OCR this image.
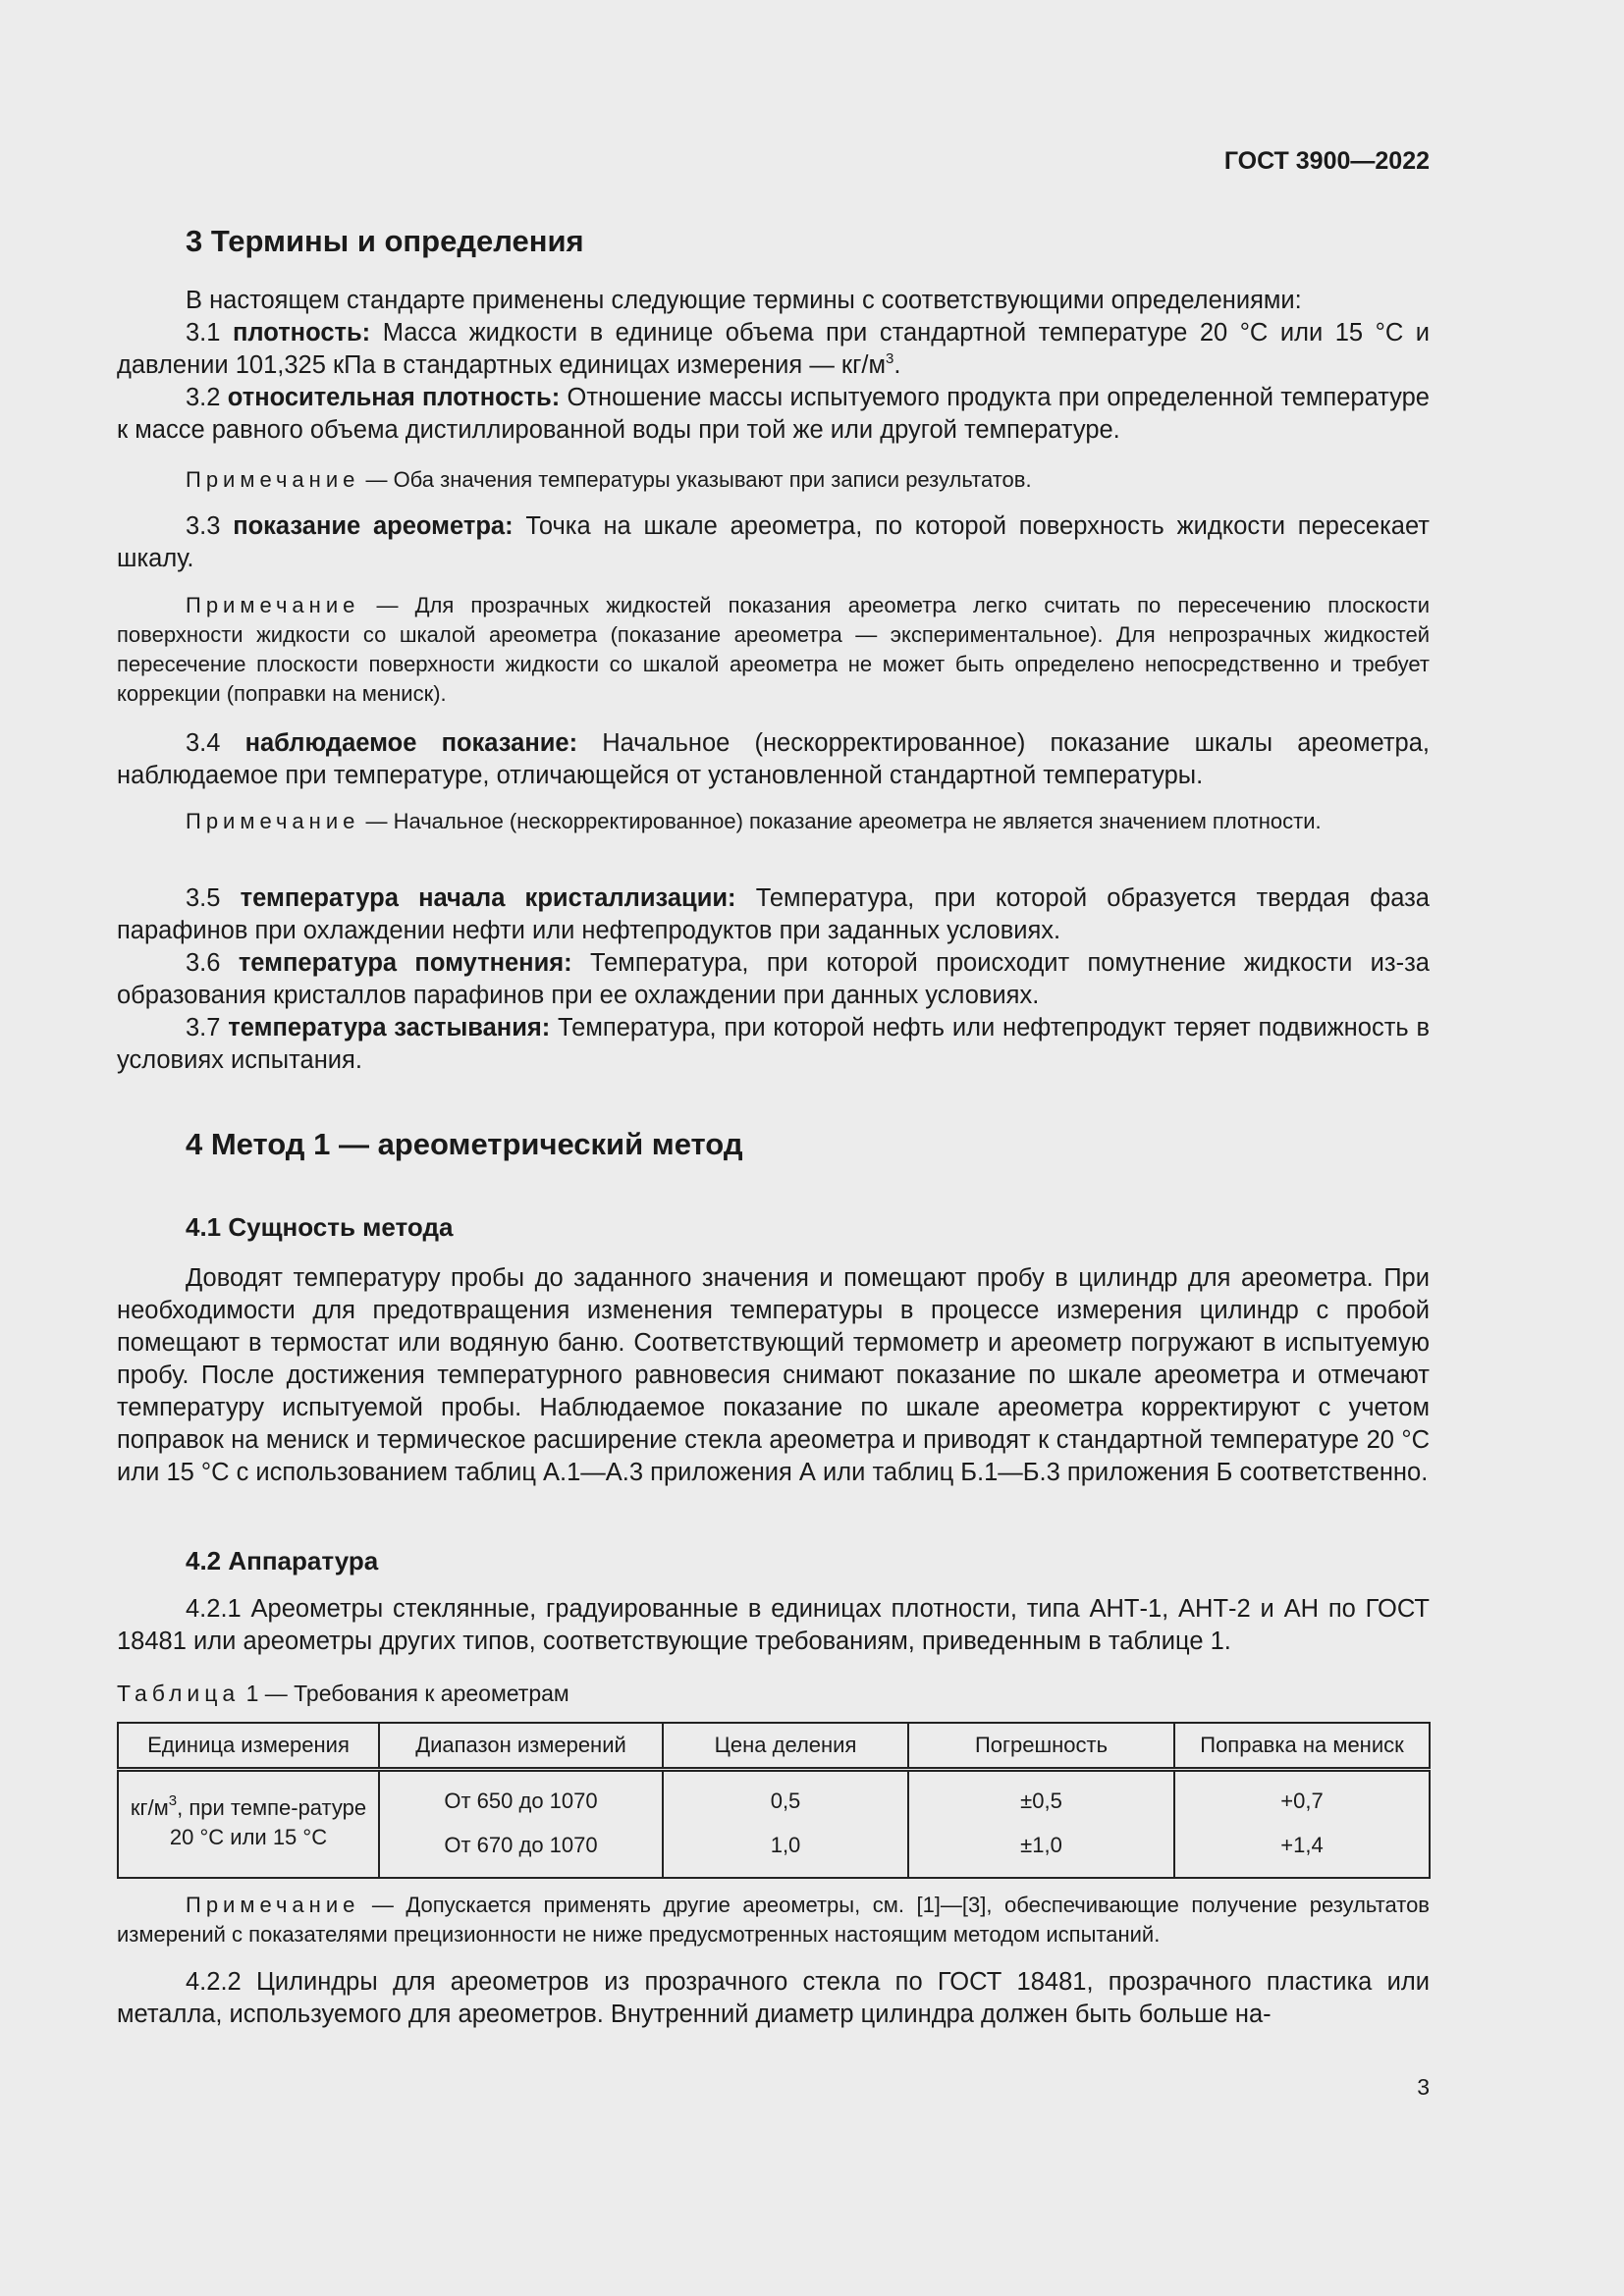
ГОСТ 3900—2022
3 Термины и определения

В настоящем стандарте применены следующие термины с соответствующими определениями:

3.1 плотность: Масса жидкости в единице объема при стандартной температуре 20 °С или 15 °С и давлении 101,325 кПа в стандартных единицах измерения — $кг/м^3$.

3.2 относительная плотность: Отношение массы испытуемого продукта при определенной температуре к массе равного объема дистиллированной воды при той же или другой температуре.

Примечание — Оба значения температуры указывают при записи результатов.

3.3 показание ареометра: Точка на шкале ареометра, по которой поверхность жидкости пересекает шкалу.

Примечание — Для прозрачных жидкостей показания ареометра легко считать по пересечению плоскости поверхности жидкости со шкалой ареометра (показание ареометра — экспериментальное). Для непрозрачных жидкостей пересечение плоскости поверхности жидкости со шкалой ареометра не может быть определено непосредственно и требует коррекции (поправки на мениск).

3.4 наблюдаемое показание: Начальное (нескорректированное) показание шкалы ареометра, наблюдаемое при температуре, отличающейся от установленной стандартной температуры.

Примечание — Начальное (нескорректированное) показание ареометра не является значением плотности.

3.5 температура начала кристаллизации: Температура, при которой образуется твердая фаза парафинов при охлаждении нефти или нефтепродуктов при заданных условиях.

3.6 температура помутнения: Температура, при которой происходит помутнение жидкости из-за образования кристаллов парафинов при ее охлаждении при данных условиях.

3.7 температура застывания: Температура, при которой нефть или нефтепродукт теряет подвижность в условиях испытания.

4 Метод 1 — ареометрический метод
4.1 Сущность метода

Доводят температуру пробы до заданного значения и помещают пробу в цилиндр для ареометра. При необходимости для предотвращения изменения температуры в процессе измерения цилиндр с пробой помещают в термостат или водяную баню. Соответствующий термометр и ареометр погружают в испытуемую пробу. После достижения температурного равновесия снимают показание по шкале ареометра и отмечают температуру испытуемой пробы. Наблюдаемое показание по шкале ареометра корректируют с учетом поправок на мениск и термическое расширение стекла ареометра и приводят к стандартной температуре 20 °С или 15 °С с использованием таблиц А.1—А.3 приложения А или таблиц Б.1—Б.3 приложения Б соответственно.

4.2 Аппаратура

4.2.1 Ареометры стеклянные, градуированные в единицах плотности, типа АНТ-1, АНТ-2 и АН по ГОСТ 18481 или ареометры других типов, соответствующие требованиям, приведенным в таблице 1.

Таблица 1 — Требования к ареометрам
Единица измерения	Диапазон измерений	Цена деления	Погрешность	Поправка на мениск
$кг/м^3$, при темпе-ратуре 20 °С или 15 °С	От 650 до 1070	0,5	±0,5	+0,7
	От 670 до 1070	1,0	±1,0	+1,4

Примечание — Допускается применять другие ареометры, см. [1]—[3], обеспечивающие получение результатов измерений с показателями прецизионности не ниже предусмотренных настоящим методом испытаний.

4.2.2 Цилиндры для ареометров из прозрачного стекла по ГОСТ 18481, прозрачного пластика или металла, используемого для ареометров. Внутренний диаметр цилиндра должен быть больше на-

3
